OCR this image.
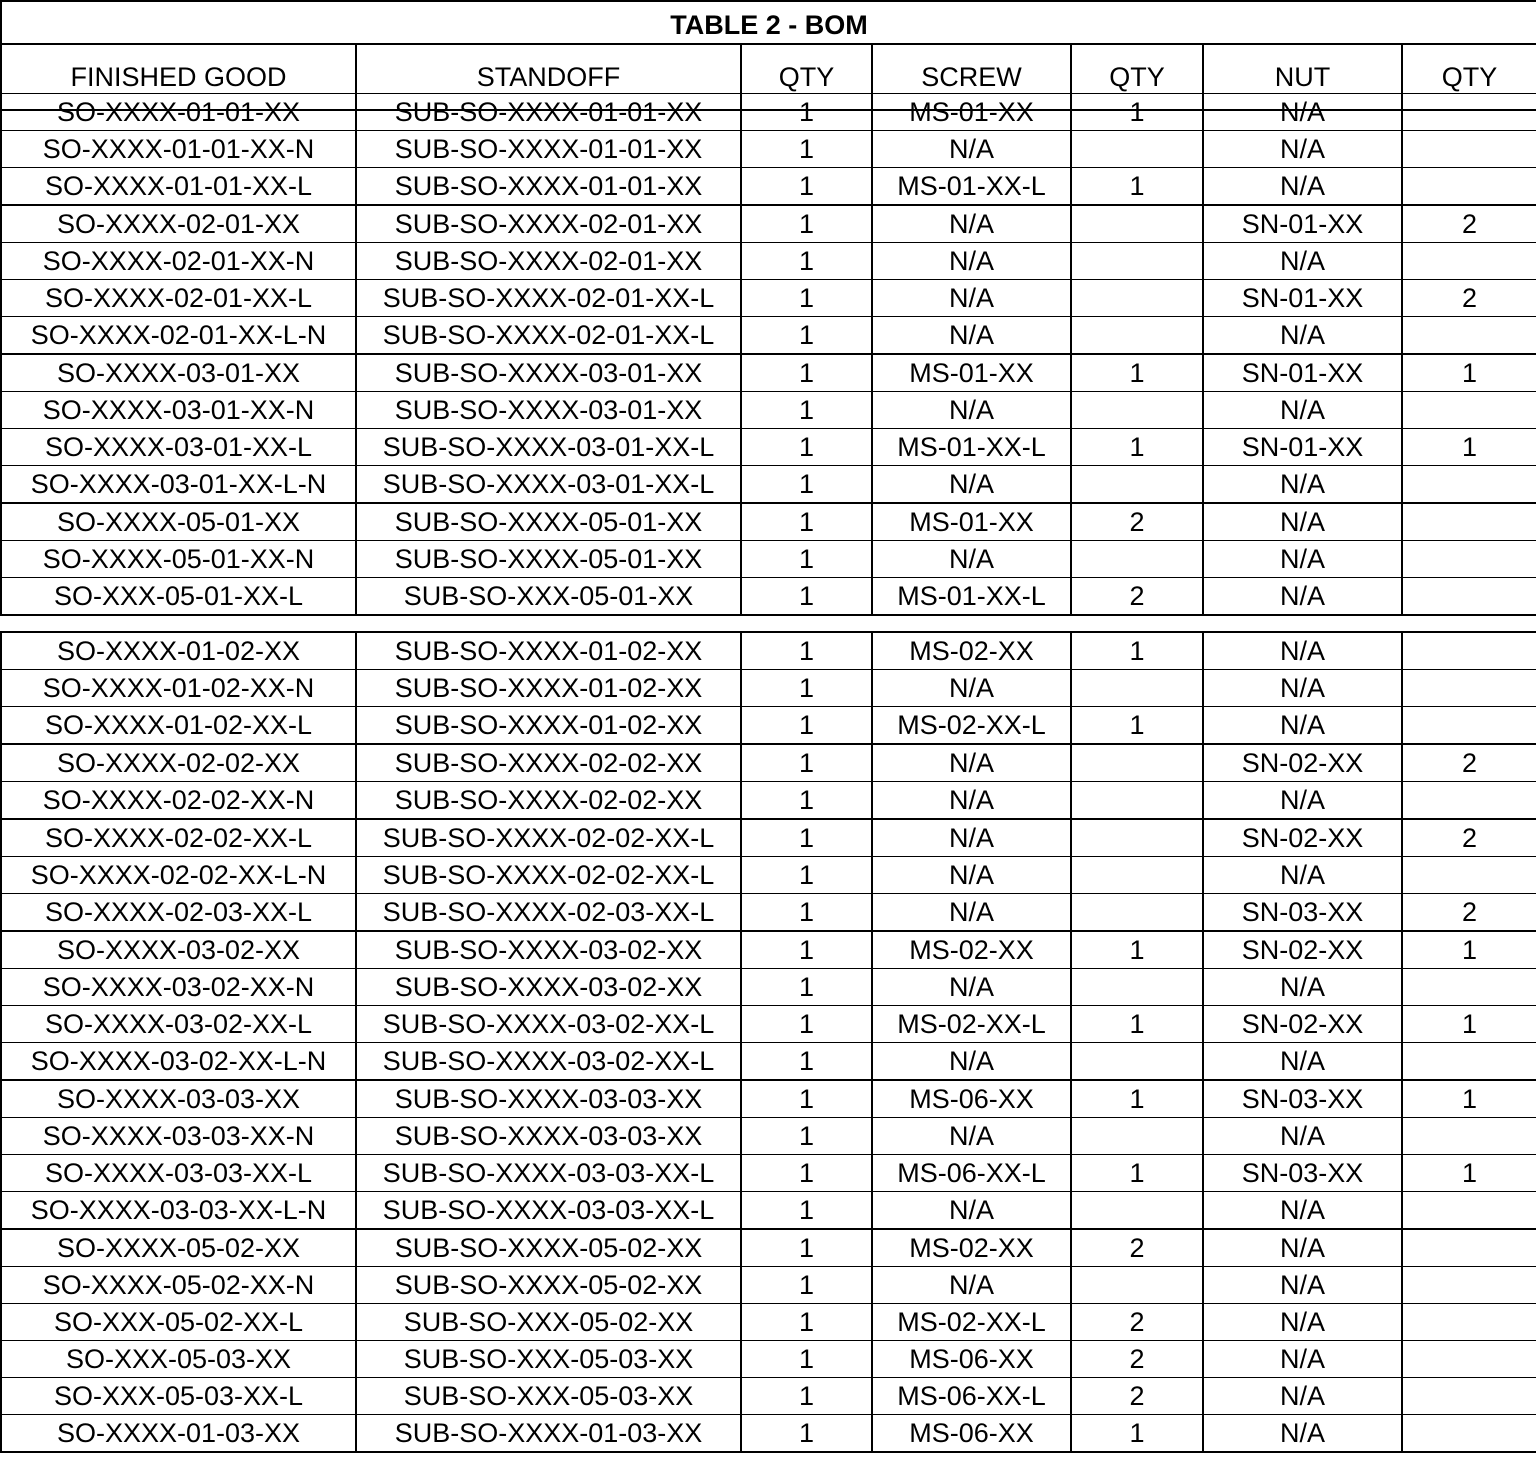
TABLE 2 - BOM
FINISHED GOOD	STANDOFF	QTY	SCREW	QTY	NUT	QTY
SO-XXXX-01-01-XX	SUB-SO-XXXX-01-01-XX	1	MS-01-XX	1	N/A	
SO-XXXX-01-01-XX-N	SUB-SO-XXXX-01-01-XX	1	N/A		N/A	
SO-XXXX-01-01-XX-L	SUB-SO-XXXX-01-01-XX	1	MS-01-XX-L	1	N/A	
SO-XXXX-02-01-XX	SUB-SO-XXXX-02-01-XX	1	N/A		SN-01-XX	2
SO-XXXX-02-01-XX-N	SUB-SO-XXXX-02-01-XX	1	N/A		N/A	
SO-XXXX-02-01-XX-L	SUB-SO-XXXX-02-01-XX-L	1	N/A		SN-01-XX	2
SO-XXXX-02-01-XX-L-N	SUB-SO-XXXX-02-01-XX-L	1	N/A		N/A	
SO-XXXX-03-01-XX	SUB-SO-XXXX-03-01-XX	1	MS-01-XX	1	SN-01-XX	1
SO-XXXX-03-01-XX-N	SUB-SO-XXXX-03-01-XX	1	N/A		N/A	
SO-XXXX-03-01-XX-L	SUB-SO-XXXX-03-01-XX-L	1	MS-01-XX-L	1	SN-01-XX	1
SO-XXXX-03-01-XX-L-N	SUB-SO-XXXX-03-01-XX-L	1	N/A		N/A	
SO-XXXX-05-01-XX	SUB-SO-XXXX-05-01-XX	1	MS-01-XX	2	N/A	
SO-XXXX-05-01-XX-N	SUB-SO-XXXX-05-01-XX	1	N/A		N/A	
SO-XXX-05-01-XX-L	SUB-SO-XXX-05-01-XX	1	MS-01-XX-L	2	N/A	
SO-XXXX-01-02-XX	SUB-SO-XXXX-01-02-XX	1	MS-02-XX	1	N/A	
SO-XXXX-01-02-XX-N	SUB-SO-XXXX-01-02-XX	1	N/A		N/A	
SO-XXXX-01-02-XX-L	SUB-SO-XXXX-01-02-XX	1	MS-02-XX-L	1	N/A	
SO-XXXX-02-02-XX	SUB-SO-XXXX-02-02-XX	1	N/A		SN-02-XX	2
SO-XXXX-02-02-XX-N	SUB-SO-XXXX-02-02-XX	1	N/A		N/A	
SO-XXXX-02-02-XX-L	SUB-SO-XXXX-02-02-XX-L	1	N/A		SN-02-XX	2
SO-XXXX-02-02-XX-L-N	SUB-SO-XXXX-02-02-XX-L	1	N/A		N/A	
SO-XXXX-02-03-XX-L	SUB-SO-XXXX-02-03-XX-L	1	N/A		SN-03-XX	2
SO-XXXX-03-02-XX	SUB-SO-XXXX-03-02-XX	1	MS-02-XX	1	SN-02-XX	1
SO-XXXX-03-02-XX-N	SUB-SO-XXXX-03-02-XX	1	N/A		N/A	
SO-XXXX-03-02-XX-L	SUB-SO-XXXX-03-02-XX-L	1	MS-02-XX-L	1	SN-02-XX	1
SO-XXXX-03-02-XX-L-N	SUB-SO-XXXX-03-02-XX-L	1	N/A		N/A	
SO-XXXX-03-03-XX	SUB-SO-XXXX-03-03-XX	1	MS-06-XX	1	SN-03-XX	1
SO-XXXX-03-03-XX-N	SUB-SO-XXXX-03-03-XX	1	N/A		N/A	
SO-XXXX-03-03-XX-L	SUB-SO-XXXX-03-03-XX-L	1	MS-06-XX-L	1	SN-03-XX	1
SO-XXXX-03-03-XX-L-N	SUB-SO-XXXX-03-03-XX-L	1	N/A		N/A	
SO-XXXX-05-02-XX	SUB-SO-XXXX-05-02-XX	1	MS-02-XX	2	N/A	
SO-XXXX-05-02-XX-N	SUB-SO-XXXX-05-02-XX	1	N/A		N/A	
SO-XXX-05-02-XX-L	SUB-SO-XXX-05-02-XX	1	MS-02-XX-L	2	N/A	
SO-XXX-05-03-XX	SUB-SO-XXX-05-03-XX	1	MS-06-XX	2	N/A	
SO-XXX-05-03-XX-L	SUB-SO-XXX-05-03-XX	1	MS-06-XX-L	2	N/A	
SO-XXXX-01-03-XX	SUB-SO-XXXX-01-03-XX	1	MS-06-XX	1	N/A	
